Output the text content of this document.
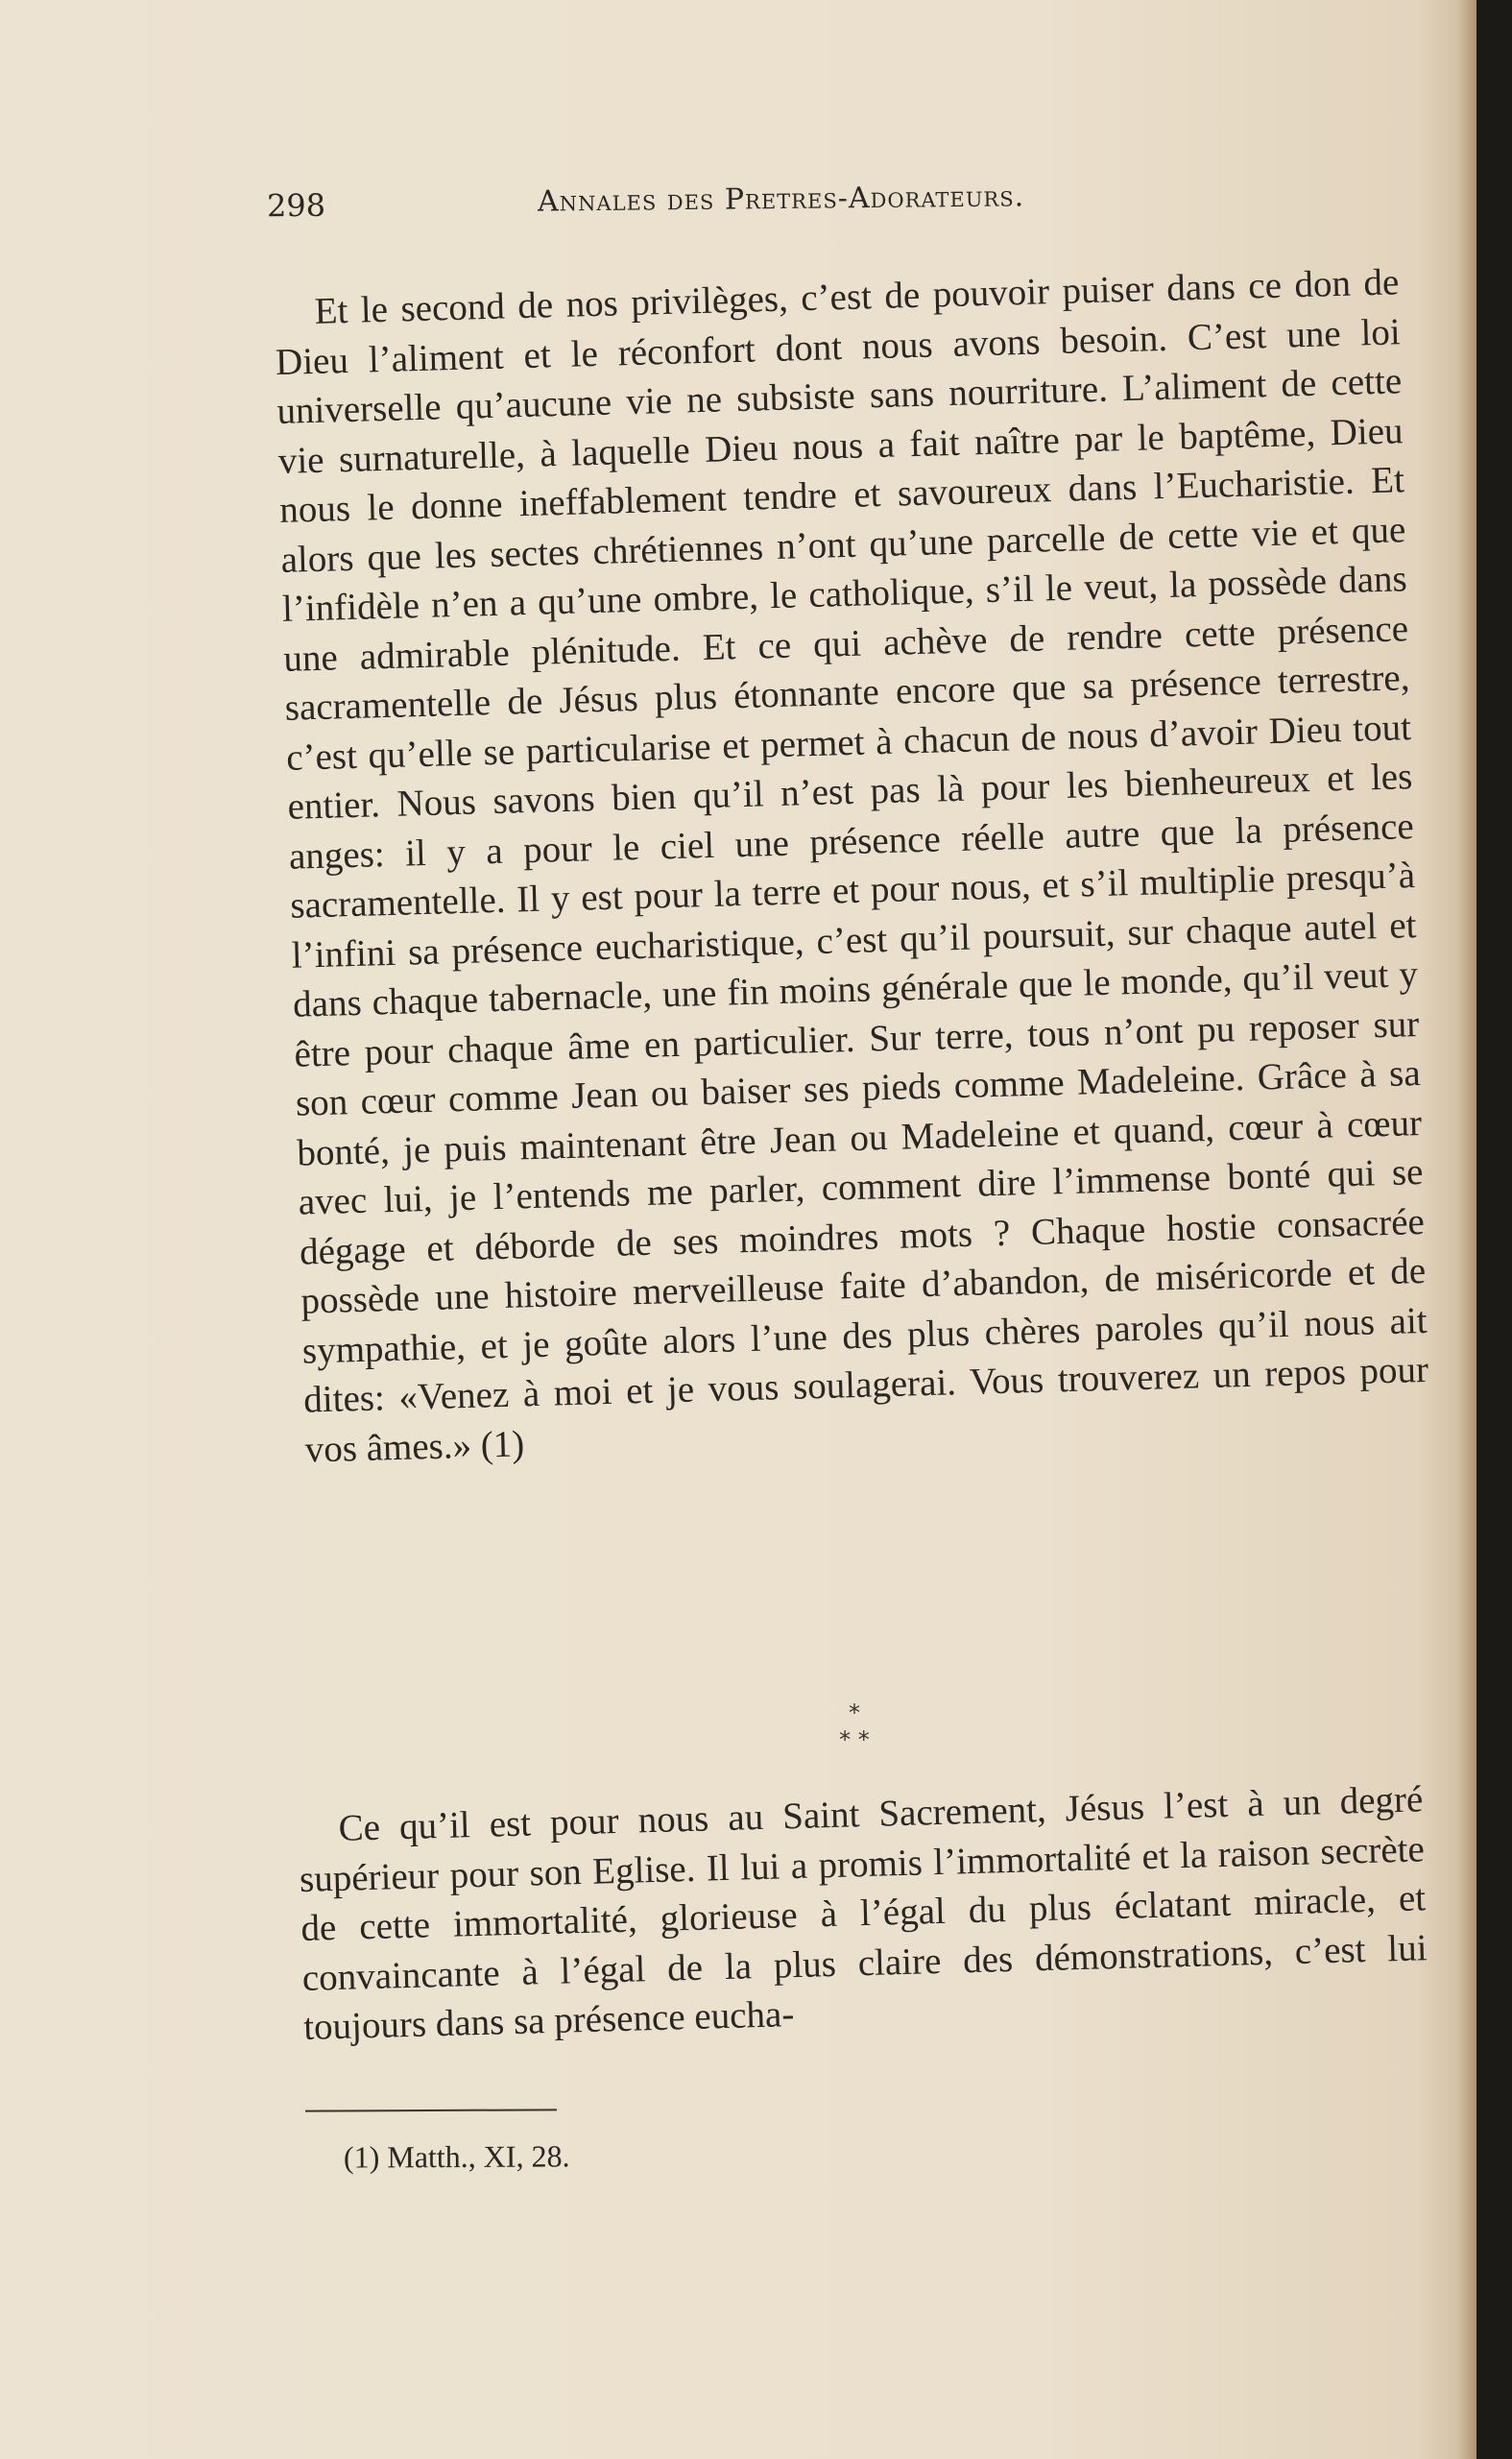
298	Annales des Pretres-Adorateurs.
Et le second de nos privilèges, c’est de pouvoir puiser dans ce don de Dieu l’aliment et le réconfort dont nous avons besoin. C’est une loi universelle qu’aucune vie ne subsiste sans nourriture. L’aliment de cette vie surnaturelle, à laquelle Dieu nous a fait naître par le baptême, Dieu nous le donne ineffablement tendre et savoureux dans l’Eucharistie. Et alors que les sectes chrétiennes n’ont qu’une parcelle de cette vie et que l’infidèle n’en a qu’une ombre, le catholique, s’il le veut, la possède dans une admirable plénitude. Et ce qui achève de rendre cette présence sacramentelle de Jésus plus étonnante encore que sa présence terrestre, c’est qu’elle se particularise et permet à chacun de nous d’avoir Dieu tout entier. Nous savons bien qu’il n’est pas là pour les bienheureux et les anges: il y a pour le ciel une présence réelle autre que la présence sacramentelle. Il y est pour la terre et pour nous, et s’il multiplie presqu’à l’infini sa présence eucharistique, c’est qu’il poursuit, sur chaque autel et dans chaque tabernacle, une fin moins générale que le monde, qu’il veut y être pour chaque âme en particulier. Sur terre, tous n’ont pu reposer sur son cœur comme Jean ou baiser ses pieds comme Madeleine. Grâce à sa bonté, je puis maintenant être Jean ou Madeleine et quand, cœur à cœur avec lui, je l’entends me parler, comment dire l’immense bonté qui se dégage et déborde de ses moindres mots ? Chaque hostie consacrée possède une histoire merveilleuse faite d’abandon, de miséricorde et de sympathie, et je goûte alors l’une des plus chères paroles qu’il nous ait dites: «Venez à moi et je vous soulagerai. Vous trouverez un repos pour vos âmes.» (1)
*
* *
Ce qu’il est pour nous au Saint Sacrement, Jésus l’est à un degré supérieur pour son Eglise. Il lui a promis l’immortalité et la raison secrète de cette immortalité, glorieuse à l’égal du plus éclatant miracle, et convaincante à l’égal de la plus claire des démonstrations, c’est lui toujours dans sa présence eucha-
(1) Matth., XI, 28.
